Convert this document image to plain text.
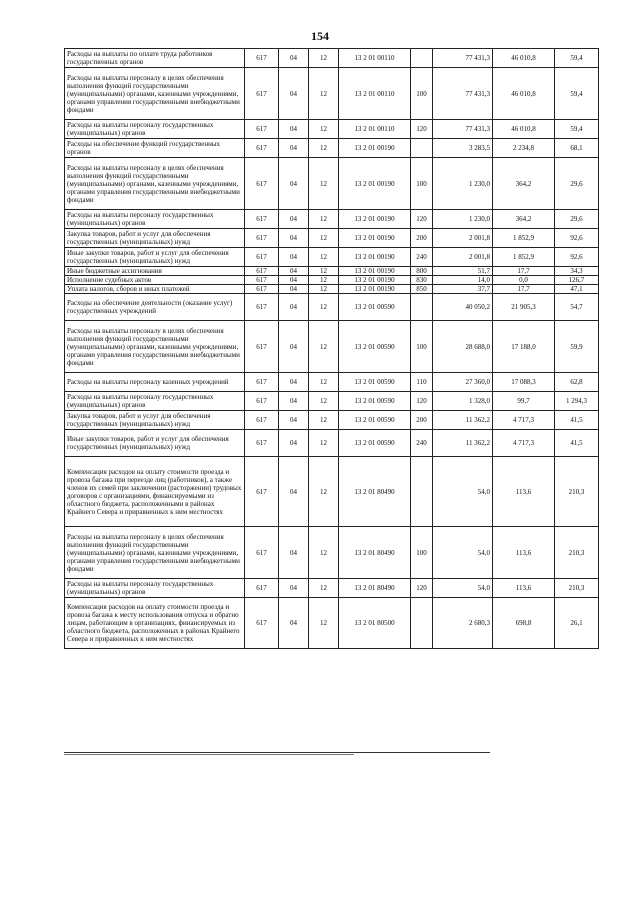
154
Расходы на выплаты по оплате труда работников государственных органов	617	04	12	13 2 01 00110		77 431,3	46 010,8	59,4
Расходы на выплаты персоналу в целях обеспечения выполнения функций государственными (муниципальными) органами, казенными учреждениями, органами управления государственными внебюджетными фондами	617	04	12	13 2 01 00110	100	77 431,3	46 010,8	59,4
Расходы на выплаты персоналу государственных (муниципальных) органов	617	04	12	13 2 01 00110	120	77 431,3	46 010,8	59,4
Расходы на обеспечение функций государственных органов	617	04	12	13 2 01 00190		3 283,5	2 234,8	68,1
Расходы на выплаты персоналу в целях обеспечения выполнения функций государственными (муниципальными) органами, казенными учреждениями, органами управления государственными внебюджетными фондами	617	04	12	13 2 01 00190	100	1 230,0	364,2	29,6
Расходы на выплаты персоналу государственных (муниципальных) органов	617	04	12	13 2 01 00190	120	1 230,0	364,2	29,6
Закупка товаров, работ и услуг для обеспечения государственных (муниципальных) нужд	617	04	12	13 2 01 00190	200	2 001,8	1 852,9	92,6
Иные закупки товаров, работ и услуг для обеспечения государственных (муниципальных) нужд	617	04	12	13 2 01 00190	240	2 001,8	1 852,9	92,6
Иные бюджетные ассигнования	617	04	12	13 2 01 00190	800	51,7	17,7	34,3
Исполнение судебных актов	617	04	12	13 2 01 00190	830	14,0	0,0	126,7
Уплата налогов, сборов и иных платежей	617	04	12	13 2 01 00190	850	37,7	17,7	47,1
Расходы на обеспечение деятельности (оказание услуг) государственных учреждений	617	04	12	13 2 01 00590		40 050,2	21 905,3	54,7
Расходы на выплаты персоналу в целях обеспечения выполнения функций государственными (муниципальными) органами, казенными учреждениями, органами управления государственными внебюджетными фондами	617	04	12	13 2 01 00590	100	28 688,0	17 188,0	59,9
Расходы на выплаты персоналу казенных учреждений	617	04	12	13 2 01 00590	110	27 360,0	17 088,3	62,8
Расходы на выплаты персоналу государственных (муниципальных) органов	617	04	12	13 2 01 00590	120	1 328,0	99,7	1 294,3
Закупка товаров, работ и услуг для обеспечения государственных (муниципальных) нужд	617	04	12	13 2 01 00590	200	11 362,2	4 717,3	41,5
Иные закупки товаров, работ и услуг для обеспечения государственных (муниципальных) нужд	617	04	12	13 2 01 00590	240	11 362,2	4 717,3	41,5
Компенсация расходов на оплату стоимости проезда и провоза багажа при переезде лиц (работников), а также членов их семей при заключении (расторжении) трудовых договоров с организациями, финансируемыми из областного бюджета, расположенными в районах Крайнего Севера и приравненных к ним местностях	617	04	12	13 2 01 80490		54,0	113,6	210,3
Расходы на выплаты персоналу в целях обеспечения выполнения функций государственными (муниципальными) органами, казенными учреждениями, органами управления государственными внебюджетными фондами	617	04	12	13 2 01 80490	100	54,0	113,6	210,3
Расходы на выплаты персоналу государственных (муниципальных) органов	617	04	12	13 2 01 80490	120	54,0	113,6	210,3
Компенсация расходов на оплату стоимости проезда и провоза багажа к месту использования отпуска и обратно лицам, работающим в организациях, финансируемых из областного бюджета, расположенных в районах Крайнего Севера и приравненных к ним местностях	617	04	12	13 2 01 80500		2 680,3	698,8	26,1
